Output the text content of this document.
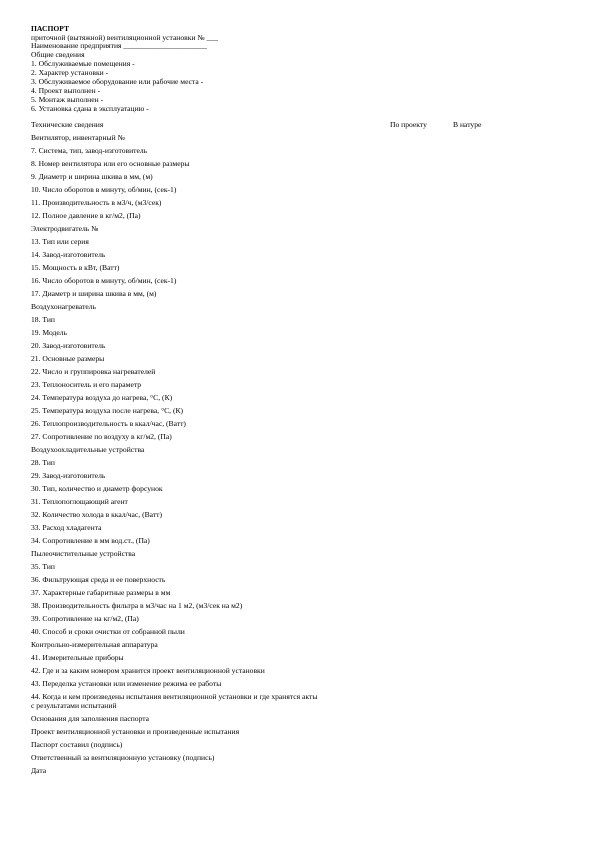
ПАСПОРТ
приточной (вытяжной) вентиляционной установки № ___
Наименование предприятия ______________________
Общие сведения
1. Обслуживаемые помещения -
2. Характер установки -
3. Обслуживаемое оборудование или рабочие места -
4. Проект выполнен -
5. Монтаж выполнен -
6. Установка сдана в эксплуатацию -
Технические сведения	По проекту	В натуре
Вентилятор, инвентарный №
7. Система, тип, завод-изготовитель
8. Номер вентилятора или его основные размеры
9. Диаметр и ширина шкива в мм, (м)
10. Число оборотов в минуту, об/мин, (сек-1)
11. Производительность в м3/ч, (м3/сек)
12. Полное давление в кг/м2, (Па)
Электродвигатель №
13. Тип или серия
14. Завод-изготовитель
15. Мощность в кВт, (Ватт)
16. Число оборотов в минуту, об/мин, (сек-1)
17. Диаметр и ширина шкива в мм, (м)
Воздухонагреватель
18. Тип
19. Модель
20. Завод-изготовитель
21. Основные размеры
22. Число и группировка нагревателей
23. Теплоноситель и его параметр
24. Температура воздуха до нагрева, °С, (К)
25. Температура воздуха после нагрева, °С, (К)
26. Теплопроизводительность в ккал/час, (Ватт)
27. Сопротивление по воздуху в кг/м2, (Па)
Воздухоохладительные устройства
28. Тип
29. Завод-изготовитель
30. Тип, количество и диаметр форсунок
31. Теплопоглощающий агент
32. Количество холода в ккал/час, (Ватт)
33. Расход хладагента
34. Сопротивление в мм вод.ст., (Па)
Пылеочистительные устройства
35. Тип
36. Фильтрующая среда и ее поверхность
37. Характерные габаритные размеры в мм
38. Производительность фильтра в м3/час на 1 м2, (м3/сек на м2)
39. Сопротивление на кг/м2, (Па)
40. Способ и сроки очистки от собранной пыли
Контрольно-измерительная аппаратура
41. Измерительные приборы
42. Где и за каким номером хранится проект вентиляционной установки
43. Переделка установки или изменение режима ее работы
44. Когда и кем произведены испытания вентиляционной установки и где хранятся акты
с результатами испытаний
Основания для заполнения паспорта
Проект вентиляционной установки и произведенные испытания
Паспорт составил (подпись)
Ответственный за вентиляционную установку (подпись)
Дата
